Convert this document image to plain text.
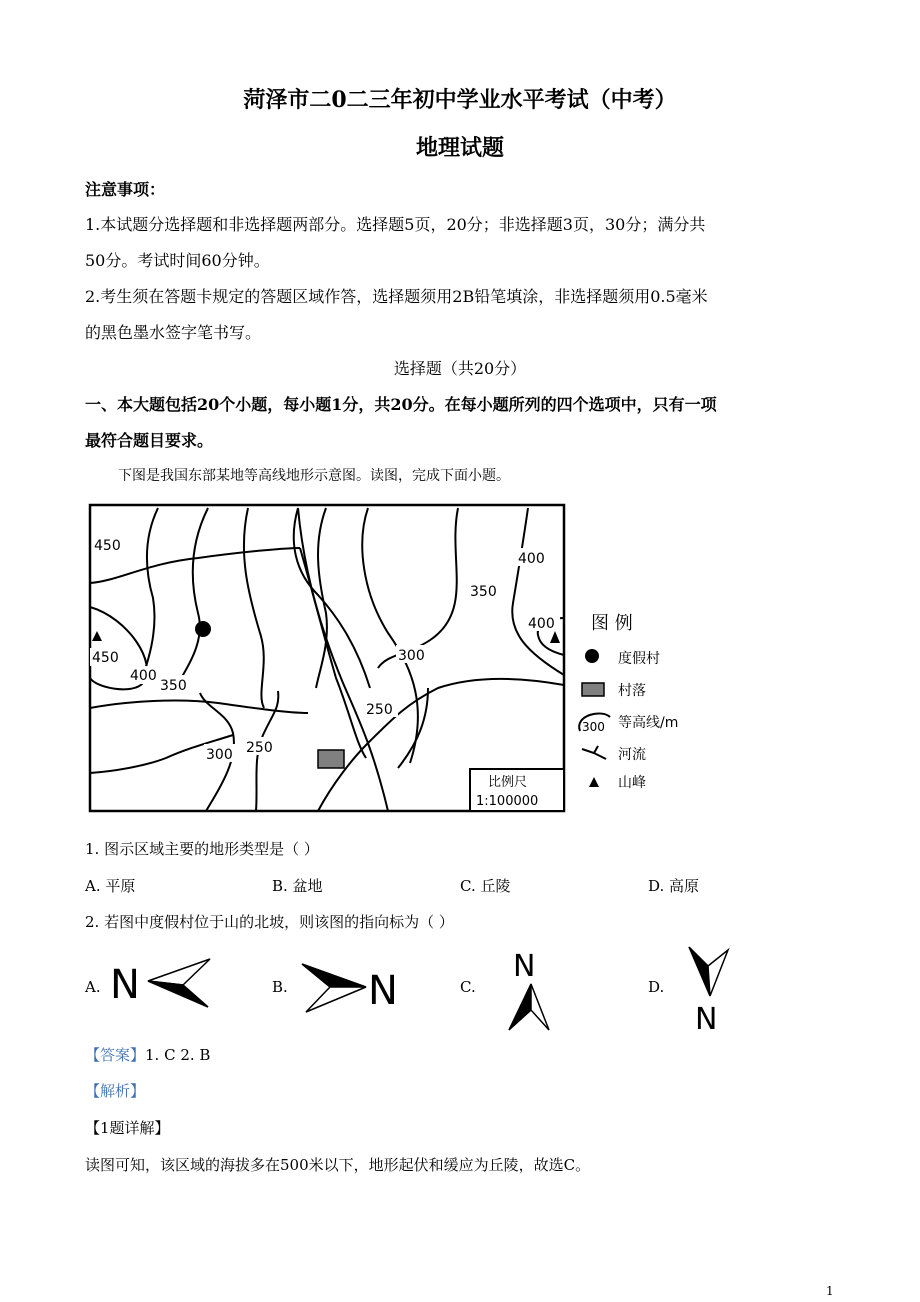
菏泽市二0二三年初中学业水平考试（中考）
地理试题
注意事项：
1.本试题分选择题和非选择题两部分。选择题5页，20分；非选择题3页，30分；满分共
50分。考试时间60分钟。
2.考生须在答题卡规定的答题区域作答，选择题须用2B铅笔填涂，非选择题须用0.5毫米
的黑色墨水签字笔书写。
选择题（共20分）
一、本大题包括20个小题，每小题1分，共20分。在每小题所列的四个选项中，只有一项
最符合题目要求。
下图是我国东部某地等高线地形示意图。读图，完成下面小题。
450
450
400
350
300 250
350
300
250
400
400
比例尺
1:100000
图 例
度假村
村落
300 等高线/m
河流
山峰
1. 图示区域主要的地形类型是（ ）
A. 平原	B. 盆地	C. 丘陵	D. 高原
2. 若图中度假村位于山的北坡，则该图的指向标为（ ）
A.	B.	C.	D.
N	N
N
N
【答案】1. C 2. B
【解析】
【1题详解】
读图可知，该区域的海拔多在500米以下，地形起伏和缓应为丘陵，故选C。
1
